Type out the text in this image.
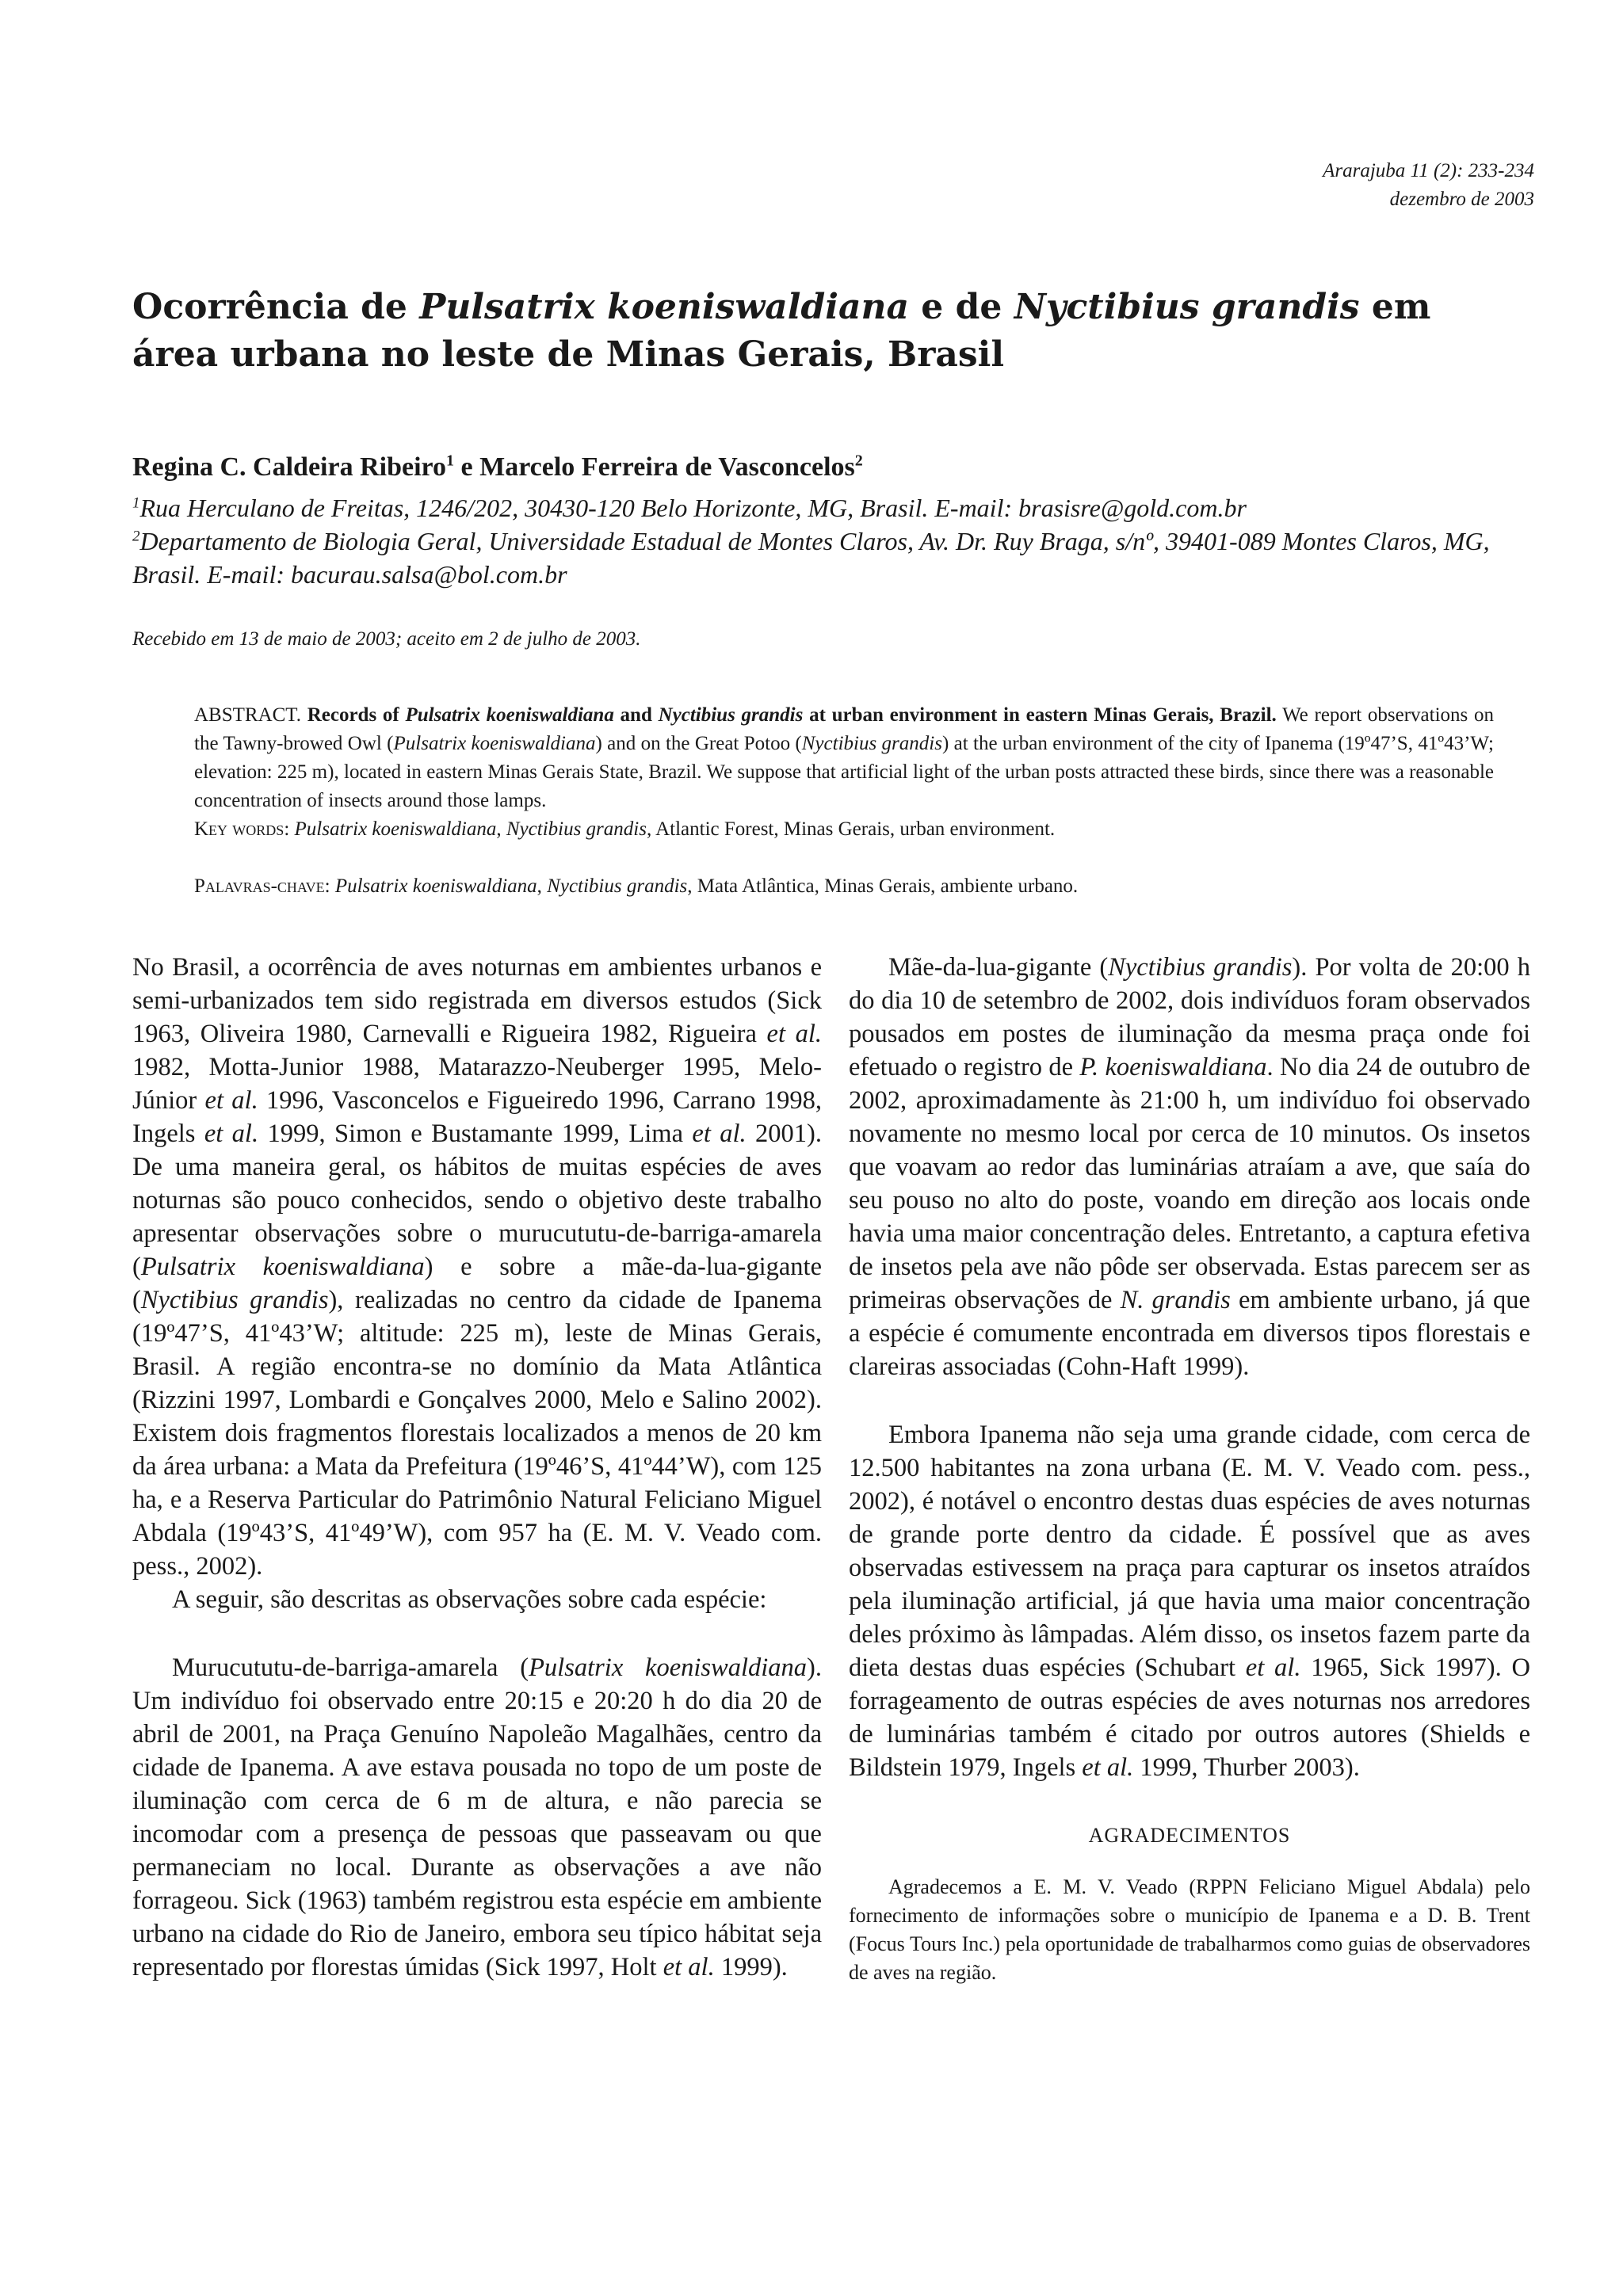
Ararajuba 11 (2): 233-234
dezembro de 2003
Ocorrência de Pulsatrix koeniswaldiana e de Nyctibius grandis em área urbana no leste de Minas Gerais, Brasil
Regina C. Caldeira Ribeiro$^1$ e Marcelo Ferreira de Vasconcelos$^2$
$^1$Rua Herculano de Freitas, 1246/202, 30430-120 Belo Horizonte, MG, Brasil. E-mail: brasisre@gold.com.br
$^2$Departamento de Biologia Geral, Universidade Estadual de Montes Claros, Av. Dr. Ruy Braga, s/nº, 39401-089 Montes Claros, MG, Brasil. E-mail: bacurau.salsa@bol.com.br
Recebido em 13 de maio de 2003; aceito em 2 de julho de 2003.
ABSTRACT. Records of Pulsatrix koeniswaldiana and Nyctibius grandis at urban environment in eastern Minas Gerais, Brazil. We report observations on the Tawny-browed Owl (Pulsatrix koeniswaldiana) and on the Great Potoo (Nyctibius grandis) at the urban environment of the city of Ipanema (19º47’S, 41º43’W; elevation: 225 m), located in eastern Minas Gerais State, Brazil. We suppose that artificial light of the urban posts attracted these birds, since there was a reasonable concentration of insects around those lamps.
Key words: Pulsatrix koeniswaldiana, Nyctibius grandis, Atlantic Forest, Minas Gerais, urban environment.
Palavras-chave: Pulsatrix koeniswaldiana, Nyctibius grandis, Mata Atlântica, Minas Gerais, ambiente urbano.

No Brasil, a ocorrência de aves noturnas em ambientes urbanos e semi-urbanizados tem sido registrada em diversos estudos (Sick 1963, Oliveira 1980, Carnevalli e Rigueira 1982, Rigueira et al. 1982, Motta-Junior 1988, Matarazzo-Neuberger 1995, Melo-Júnior et al. 1996, Vasconcelos e Figueiredo 1996, Carrano 1998, Ingels et al. 1999, Simon e Bustamante 1999, Lima et al. 2001). De uma maneira geral, os hábitos de muitas espécies de aves noturnas são pouco conhecidos, sendo o objetivo deste trabalho apresentar observações sobre o murucututu-de-barriga-amarela (Pulsatrix koeniswaldiana) e sobre a mãe-da-lua-gigante (Nyctibius grandis), realizadas no centro da cidade de Ipanema (19º47’S, 41º43’W; altitude: 225 m), leste de Minas Gerais, Brasil. A região encontra-se no domínio da Mata Atlântica (Rizzini 1997, Lombardi e Gonçalves 2000, Melo e Salino 2002). Existem dois fragmentos florestais localizados a menos de 20 km da área urbana: a Mata da Prefeitura (19º46’S, 41º44’W), com 125 ha, e a Reserva Particular do Patrimônio Natural Feliciano Miguel Abdala (19º43’S, 41º49’W), com 957 ha (E. M. V. Veado com. pess., 2002).

A seguir, são descritas as observações sobre cada espécie:

Murucututu-de-barriga-amarela (Pulsatrix koeniswaldiana). Um indivíduo foi observado entre 20:15 e 20:20 h do dia 20 de abril de 2001, na Praça Genuíno Napoleão Magalhães, centro da cidade de Ipanema. A ave estava pousada no topo de um poste de iluminação com cerca de 6 m de altura, e não parecia se incomodar com a presença de pessoas que passeavam ou que permaneciam no local. Durante as observações a ave não forrageou. Sick (1963) também registrou esta espécie em ambiente urbano na cidade do Rio de Janeiro, embora seu típico hábitat seja representado por florestas úmidas (Sick 1997, Holt et al. 1999).

Mãe-da-lua-gigante (Nyctibius grandis). Por volta de 20:00 h do dia 10 de setembro de 2002, dois indivíduos foram observados pousados em postes de iluminação da mesma praça onde foi efetuado o registro de P. koeniswaldiana. No dia 24 de outubro de 2002, aproximadamente às 21:00 h, um indivíduo foi observado novamente no mesmo local por cerca de 10 minutos. Os insetos que voavam ao redor das luminárias atraíam a ave, que saía do seu pouso no alto do poste, voando em direção aos locais onde havia uma maior concentração deles. Entretanto, a captura efetiva de insetos pela ave não pôde ser observada. Estas parecem ser as primeiras observações de N. grandis em ambiente urbano, já que a espécie é comumente encontrada em diversos tipos florestais e clareiras associadas (Cohn-Haft 1999).

Embora Ipanema não seja uma grande cidade, com cerca de 12.500 habitantes na zona urbana (E. M. V. Veado com. pess., 2002), é notável o encontro destas duas espécies de aves noturnas de grande porte dentro da cidade. É possível que as aves observadas estivessem na praça para capturar os insetos atraídos pela iluminação artificial, já que havia uma maior concentração deles próximo às lâmpadas. Além disso, os insetos fazem parte da dieta destas duas espécies (Schubart et al. 1965, Sick 1997). O forrageamento de outras espécies de aves noturnas nos arredores de luminárias também é citado por outros autores (Shields e Bildstein 1979, Ingels et al. 1999, Thurber 2003).

AGRADECIMENTOS

Agradecemos a E. M. V. Veado (RPPN Feliciano Miguel Abdala) pelo fornecimento de informações sobre o município de Ipanema e a D. B. Trent (Focus Tours Inc.) pela oportunidade de trabalharmos como guias de observadores de aves na região.
